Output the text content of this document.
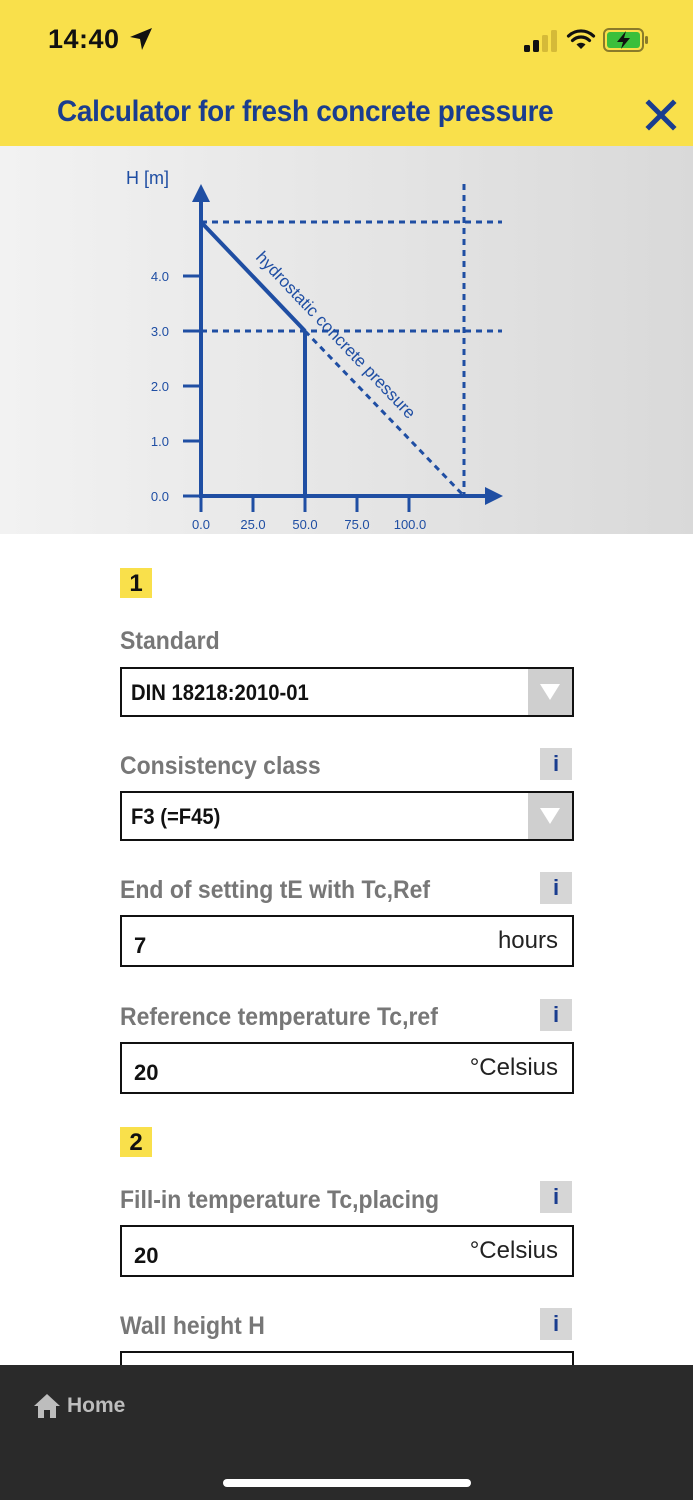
14:40
Calculator for fresh concrete pressure
H [m]
4.0
3.0
2.0
1.0
0.0
0.0 25.0 50.0 75.0 100.0
hydrostatic concrete pressure
1
Standard
DIN 18218:2010-01
Consistency class	i
F3 (=F45)
End of setting tE with Tc,Ref	i
7	hours
Reference temperature Tc,ref	i
20	°Celsius
2
Fill-in temperature Tc,placing	i
20	°Celsius
Wall height H	i
Home
